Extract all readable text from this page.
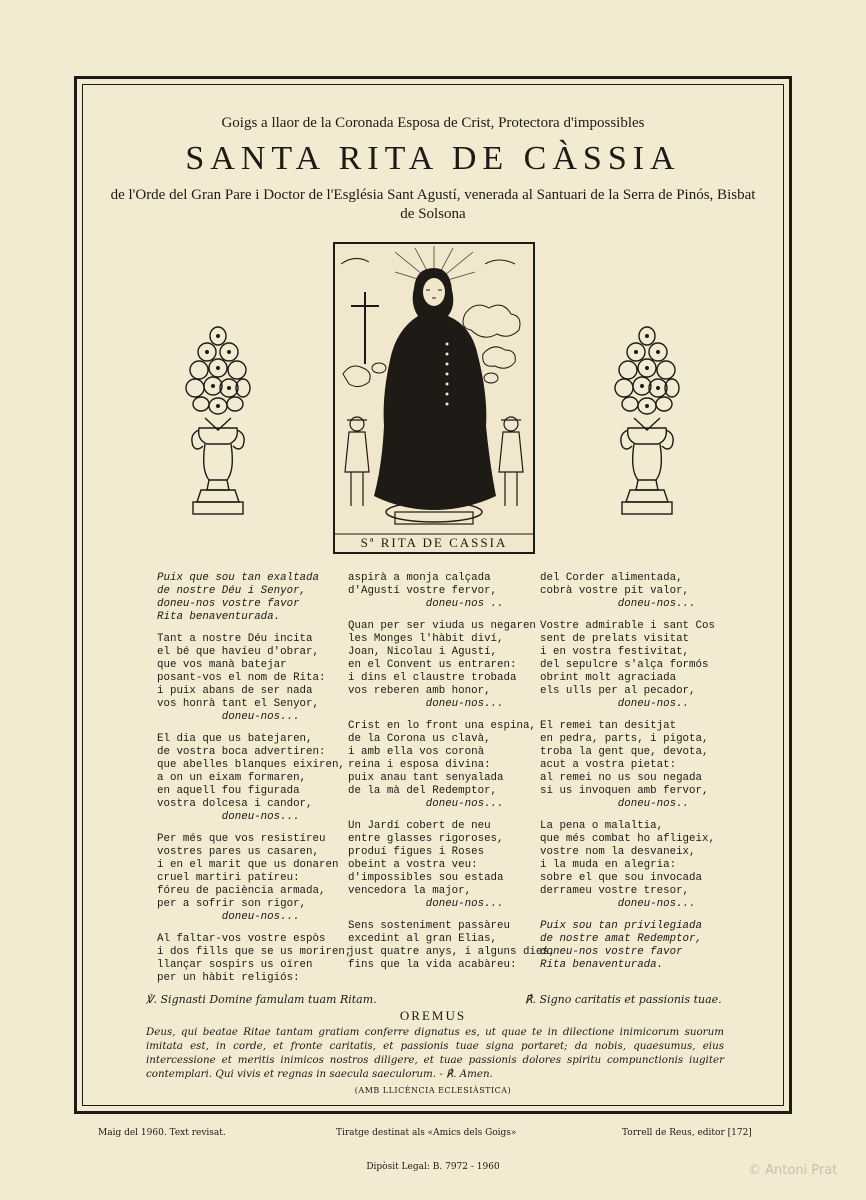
Goigs a llaor de la Coronada Esposa de Crist, Protectora d'impossibles
SANTA RITA DE CÀSSIA
de l'Orde del Gran Pare i Doctor de l'Església Sant Agustí, venerada al Santuari de la Serra de Pinós, Bisbat de Solsona
Sª RITA DE CASSIA
Puix que sou tan exaltada
de nostre Déu i Senyor,
doneu-nos vostre favor
Rita benaventurada.
Tant a nostre Déu incita
el bé que havíeu d'obrar,
que vos manà batejar
posant-vos el nom de Rita:
i puix abans de ser nada
vos honrà tant el Senyor,
doneu-nos...
El dia que us batejaren,
de vostra boca advertiren:
que abelles blanques eixiren,
a on un eixam formaren,
en aquell fou figurada
vostra dolcesa i candor,
doneu-nos...
Per més que vos resistíreu
vostres pares us casaren,
i en el marit que us donaren
cruel martiri patíreu:
fóreu de paciència armada,
per a sofrir son rigor,
doneu-nos...
Al faltar-vos vostre espòs
i dos fills que se us moriren;
llançar sospirs us oïren
per un hàbit religiós:
aspirà a monja calçada
d'Agustí vostre fervor,
doneu-nos ..
Quan per ser viuda us negaren
les Monges l'hàbit diví,
Joan, Nicolau i Agustí,
en el Convent us entraren:
i dins el claustre trobada
vos reberen amb honor,
doneu-nos...
Crist en lo front una espina,
de la Corona us clavà,
i amb ella vos coronà
reina i esposa divina:
puix anau tant senyalada
de la mà del Redemptor,
doneu-nos...
Un Jardí cobert de neu
entre glasses rigoroses,
produí figues i Roses
obeint a vostra veu:
d'impossibles sou estada
vencedora la major,
doneu-nos...
Sens sosteniment passàreu
excedint al gran Elias,
just quatre anys, i alguns dies,
fins que la vida acabàreu:
del Corder alimentada,
cobrà vostre pit valor,
doneu-nos...
Vostre admirable i sant Cos
sent de prelats visitat
i en vostra festivitat,
del sepulcre s'alça formós
obrint molt agraciada
els ulls per al pecador,
doneu-nos..
El remei tan desitjat
en pedra, parts, i pigota,
troba la gent que, devota,
acut a vostra pietat:
al remei no us sou negada
si us invoquen amb fervor,
doneu-nos..
La pena o malaltia,
que més combat ho afligeix,
vostre nom la desvaneix,
i la muda en alegria:
sobre el que sou invocada
derrameu vostre tresor,
doneu-nos...
Puix sou tan privilegiada
de nostre amat Redemptor,
doneu-nos vostre favor
Rita benaventurada.
℣. Signasti Domine famulam tuam Ritam.	℟. Signo caritatis et passionis tuae.
OREMUS
Deus, qui beatae Ritae tantam gratiam conferre dignatus es, ut quae te in dilectione inimicorum suorum imitata est, in corde, et fronte caritatis, et passionis tuae signa portaret; da nobis, quaesumus, eius intercessione et meritis inimicos nostros diligere, et tuae passionis dolores spiritu compunctionis iugiter contemplari. Qui vivis et regnas in saecula saeculorum. - ℟. Amen.
(AMB LLICÈNCIA ECLESIÀSTICA)
Maig del 1960. Text revisat.	Tiratge destinat als «Amics dels Goigs»	Torrell de Reus, editor [172]
Dipòsit Legal: B. 7972 - 1960	© Antoni Prat
